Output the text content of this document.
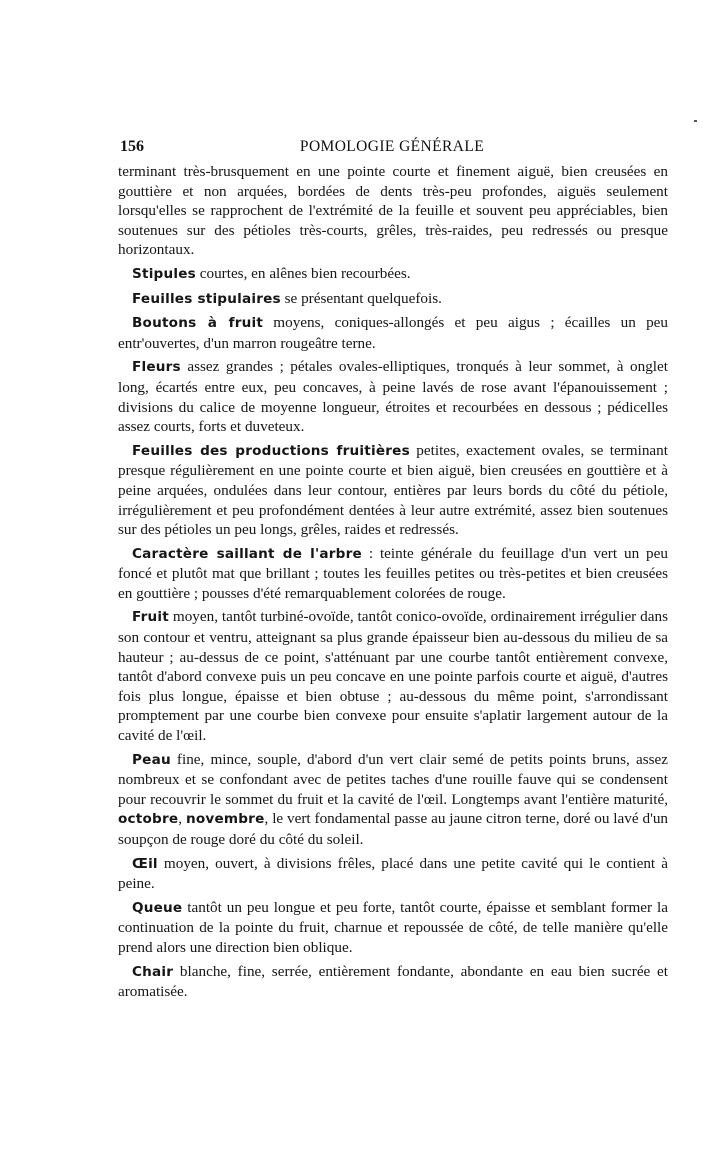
156	POMOLOGIE GÉNÉRALE

terminant très-brusquement en une pointe courte et finement aiguë, bien creusées en gouttière et non arquées, bordées de dents très-peu profondes, aiguës seulement lorsqu'elles se rapprochent de l'extrémité de la feuille et souvent peu appréciables, bien soutenues sur des pétioles très-courts, grêles, très-raides, peu redressés ou presque horizontaux.

Stipules courtes, en alênes bien recourbées.

Feuilles stipulaires se présentant quelquefois.

Boutons à fruit moyens, coniques-allongés et peu aigus ; écailles un peu entr'ouvertes, d'un marron rougeâtre terne.

Fleurs assez grandes ; pétales ovales-elliptiques, tronqués à leur sommet, à onglet long, écartés entre eux, peu concaves, à peine lavés de rose avant l'épanouissement ; divisions du calice de moyenne longueur, étroites et recourbées en dessous ; pédicelles assez courts, forts et duveteux.

Feuilles des productions fruitières petites, exactement ovales, se terminant presque régulièrement en une pointe courte et bien aiguë, bien creusées en gouttière et à peine arquées, ondulées dans leur contour, entières par leurs bords du côté du pétiole, irrégulièrement et peu profondément dentées à leur autre extrémité, assez bien soutenues sur des pétioles un peu longs, grêles, raides et redressés.

Caractère saillant de l'arbre : teinte générale du feuillage d'un vert un peu foncé et plutôt mat que brillant ; toutes les feuilles petites ou très-petites et bien creusées en gouttière ; pousses d'été remarquablement colorées de rouge.

Fruit moyen, tantôt turbiné-ovoïde, tantôt conico-ovoïde, ordinairement irrégulier dans son contour et ventru, atteignant sa plus grande épaisseur bien au-dessous du milieu de sa hauteur ; au-dessus de ce point, s'atténuant par une courbe tantôt entièrement convexe, tantôt d'abord convexe puis un peu concave en une pointe parfois courte et aiguë, d'autres fois plus longue, épaisse et bien obtuse ; au-dessous du même point, s'arrondissant promptement par une courbe bien convexe pour ensuite s'aplatir largement autour de la cavité de l'œil.

Peau fine, mince, souple, d'abord d'un vert clair semé de petits points bruns, assez nombreux et se confondant avec de petites taches d'une rouille fauve qui se condensent pour recouvrir le sommet du fruit et la cavité de l'œil. Longtemps avant l'entière maturité, octobre, novembre, le vert fondamental passe au jaune citron terne, doré ou lavé d'un soupçon de rouge doré du côté du soleil.

Œil moyen, ouvert, à divisions frêles, placé dans une petite cavité qui le contient à peine.

Queue tantôt un peu longue et peu forte, tantôt courte, épaisse et semblant former la continuation de la pointe du fruit, charnue et repoussée de côté, de telle manière qu'elle prend alors une direction bien oblique.

Chair blanche, fine, serrée, entièrement fondante, abondante en eau bien sucrée et aromatisée.
